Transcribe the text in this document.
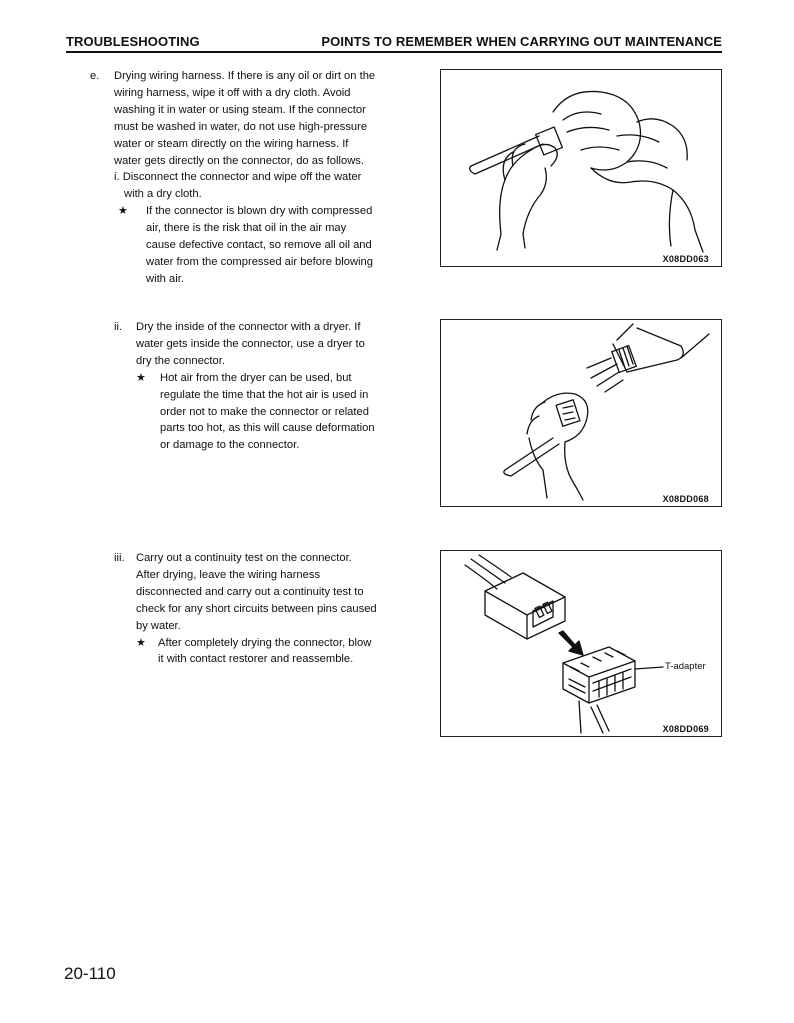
TROUBLESHOOTING	POINTS TO REMEMBER WHEN CARRYING OUT MAINTENANCE
e. Drying wiring harness. If there is any oil or dirt on the

wiring harness, wipe it off with a dry cloth. Avoid

washing it in water or using steam. If the connector

must be washed in water, do not use high-pressure

water or steam directly on the wiring harness. If

water gets directly on the connector, do as follows.

i. Disconnect the connector and wipe off the water

with a dry cloth.

★ If the connector is blown dry with compressed

air, there is the risk that oil in the air may

cause defective contact, so remove all oil and

water from the compressed air before blowing

with air.

ii. Dry the inside of the connector with a dryer. If

water gets inside the connector, use a dryer to

dry the connector.

★ Hot air from the dryer can be used, but

regulate the time that the hot air is used in

order not to make the connector or related

parts too hot, as this will cause deformation

or damage to the connector.

iii. Carry out a continuity test on the connector.

After drying, leave the wiring harness

disconnected and carry out a continuity test to

check for any short circuits between pins caused

by water.

★ After completely drying the connector, blow

it with contact restorer and reassemble.

X08DD063
X08DD068
T-adapter
X08DD069
20-110
